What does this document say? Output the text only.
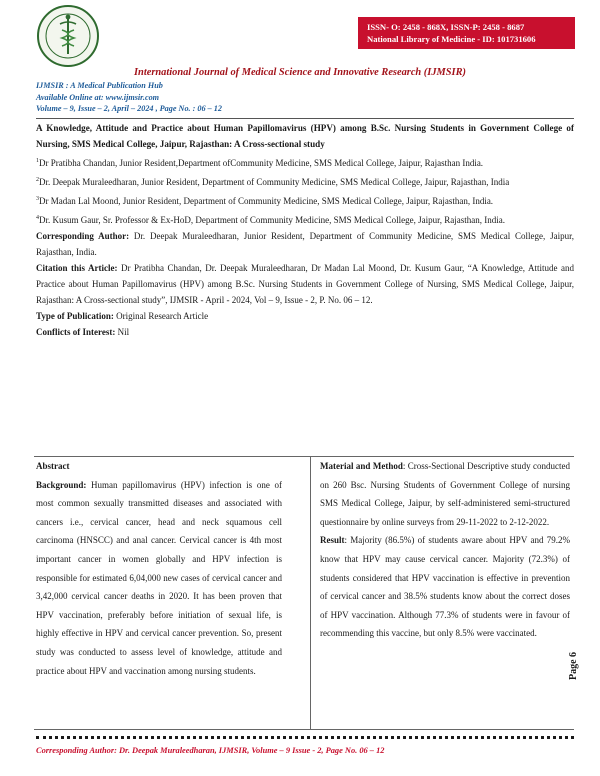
ISSN- O: 2458 - 868X, ISSN-P: 2458 - 8687
National Library of Medicine - ID: 101731606
International Journal of Medical Science and Innovative Research (IJMSIR)
IJMSIR : A Medical Publication Hub
Available Online at: www.ijmsir.com
Volume – 9, Issue – 2, April – 2024 , Page No. : 06 – 12

A Knowledge, Attitude and Practice about Human Papillomavirus (HPV) among B.Sc. Nursing Students in Government College of Nursing, SMS Medical College, Jaipur, Rajasthan: A Cross-sectional study

$^1$Dr Pratibha Chandan, Junior Resident,Department ofCommunity Medicine, SMS Medical College, Jaipur, Rajasthan India.

$^2$Dr. Deepak Muraleedharan, Junior Resident, Department of Community Medicine, SMS Medical College, Jaipur, Rajasthan, India

$^3$Dr Madan Lal Moond, Junior Resident, Department of Community Medicine, SMS Medical College, Jaipur, Rajasthan, India.

$^4$Dr. Kusum Gaur, Sr. Professor & Ex-HoD, Department of Community Medicine, SMS Medical College, Jaipur, Rajasthan, India.

Corresponding Author: Dr. Deepak Muraleedharan, Junior Resident, Department of Community Medicine, SMS Medical College, Jaipur, Rajasthan, India.

Citation this Article: Dr Pratibha Chandan, Dr. Deepak Muraleedharan, Dr Madan Lal Moond, Dr. Kusum Gaur, “A Knowledge, Attitude and Practice about Human Papillomavirus (HPV) among B.Sc. Nursing Students in Government College of Nursing, SMS Medical College, Jaipur, Rajasthan: A Cross-sectional study”, IJMSIR - April - 2024, Vol – 9, Issue - 2, P. No. 06 – 12.

Type of Publication: Original Research Article

Conflicts of Interest: Nil

Abstract

Background: Human papillomavirus (HPV) infection is one of most common sexually transmitted diseases and associated with cancers i.e., cervical cancer, head and neck squamous cell carcinoma (HNSCC) and anal cancer. Cervical cancer is 4th most important cancer in women globally and HPV infection is responsible for estimated 6,04,000 new cases of cervical cancer and 3,42,000 cervical cancer deaths in 2020. It has been proven that HPV vaccination, preferably before initiation of sexual life, is highly effective in HPV and cervical cancer prevention. So, present study was conducted to assess level of knowledge, attitude and practice about HPV and vaccination among nursing students.

Material and Method: Cross-Sectional Descriptive study conducted on 260 Bsc. Nursing Students of Government College of nursing SMS Medical College, Jaipur, by self-administered semi-structured questionnaire by online surveys from 29-11-2022 to 2-12-2022.

Result: Majority (86.5%) of students aware about HPV and 79.2% know that HPV may cause cervical cancer. Majority (72.3%) of students considered that HPV vaccination is effective in prevention of cervical cancer and 38.5% students know about the correct doses of HPV vaccination. Although 77.3% of students were in favour of recommending this vaccine, but only 8.5% were vaccinated.

Page 6
Corresponding Author: Dr. Deepak Muraleedharan, IJMSIR, Volume – 9 Issue - 2, Page No. 06 – 12
